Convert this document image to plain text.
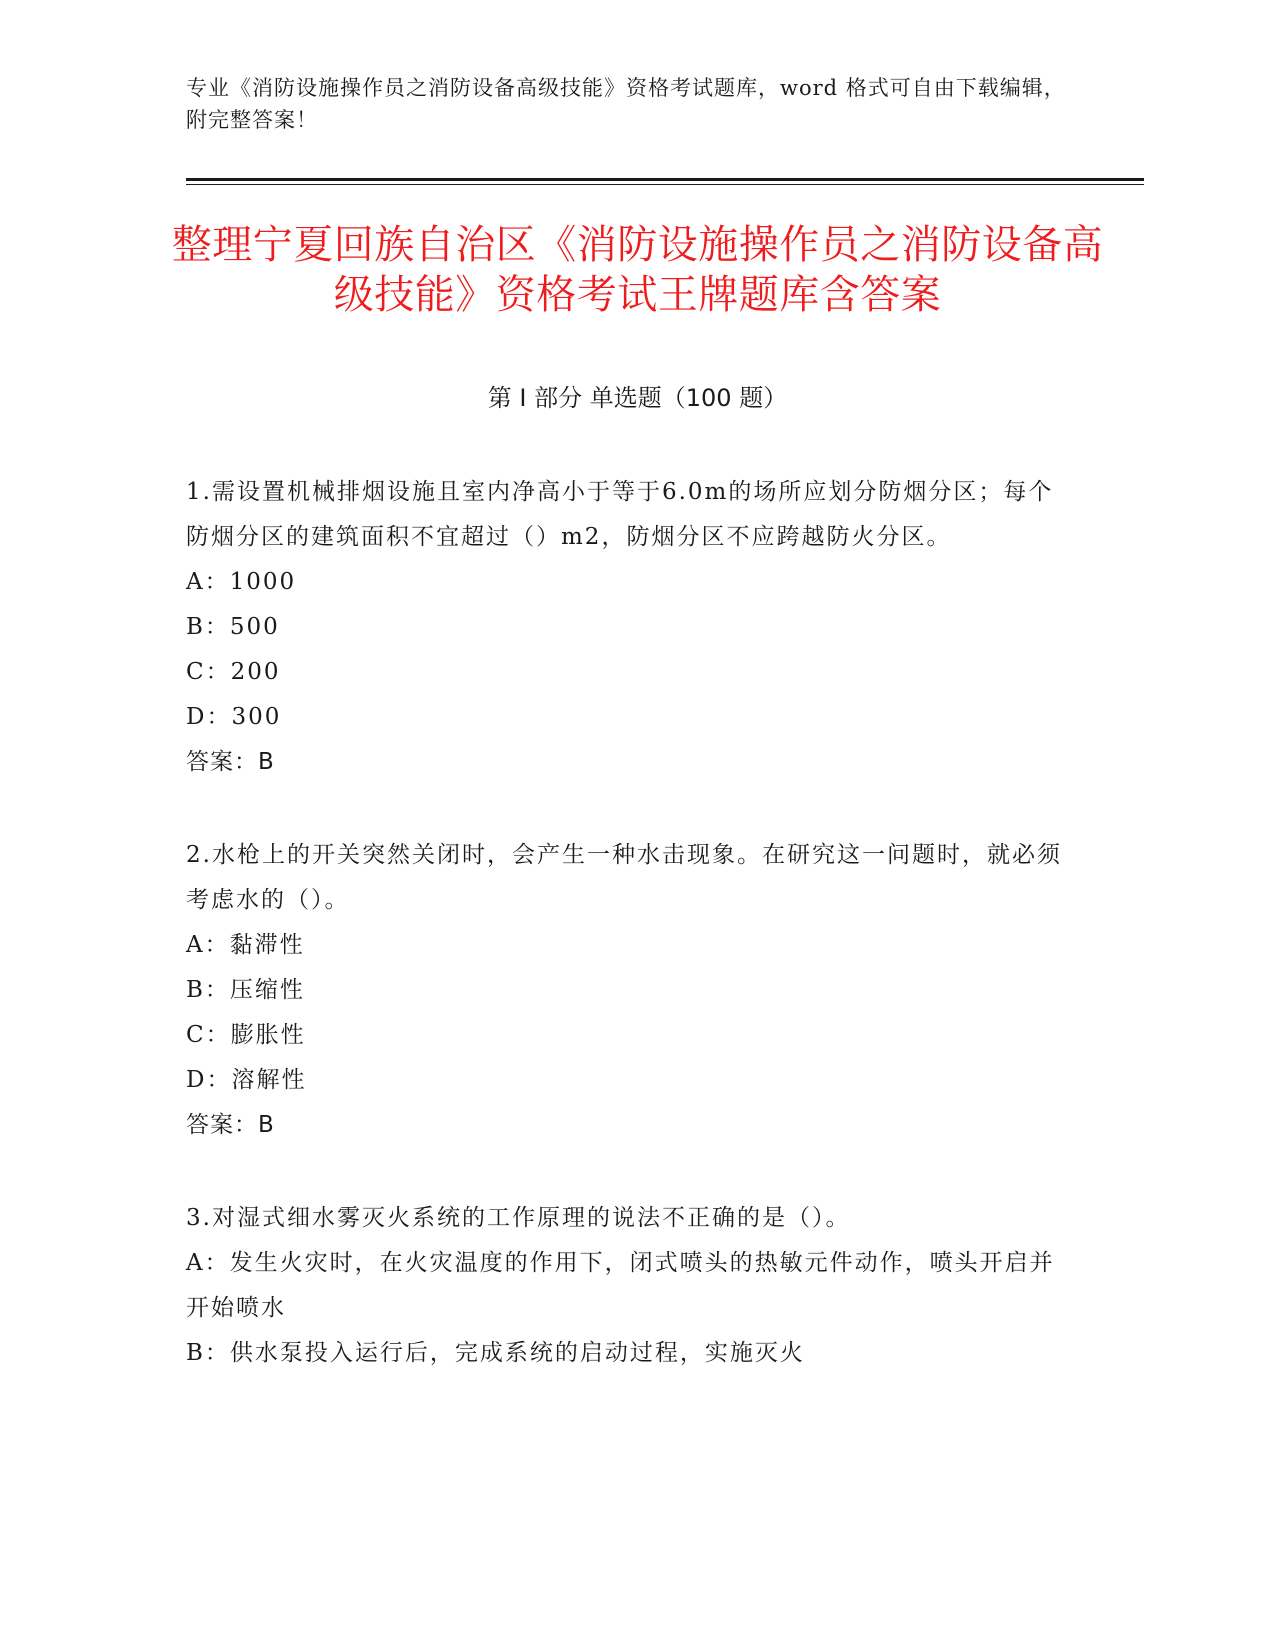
专业《消防设施操作员之消防设备高级技能》资格考试题库，word 格式可自由下载编辑，附完整答案！
整理宁夏回族自治区《消防设施操作员之消防设备高级技能》资格考试王牌题库含答案
第 I 部分 单选题（100 题）

1.需设置机械排烟设施且室内净高小于等于6.0m的场所应划分防烟分区；每个防烟分区的建筑面积不宜超过（）m2，防烟分区不应跨越防火分区。

A：1000

B：500

C：200

D：300

答案：B

2.水枪上的开关突然关闭时，会产生一种水击现象。在研究这一问题时，就必须考虑水的（）。

A：黏滞性

B：压缩性

C：膨胀性

D：溶解性

答案：B

3.对湿式细水雾灭火系统的工作原理的说法不正确的是（）。

A：发生火灾时，在火灾温度的作用下，闭式喷头的热敏元件动作，喷头开启并开始喷水

B：供水泵投入运行后，完成系统的启动过程，实施灭火
